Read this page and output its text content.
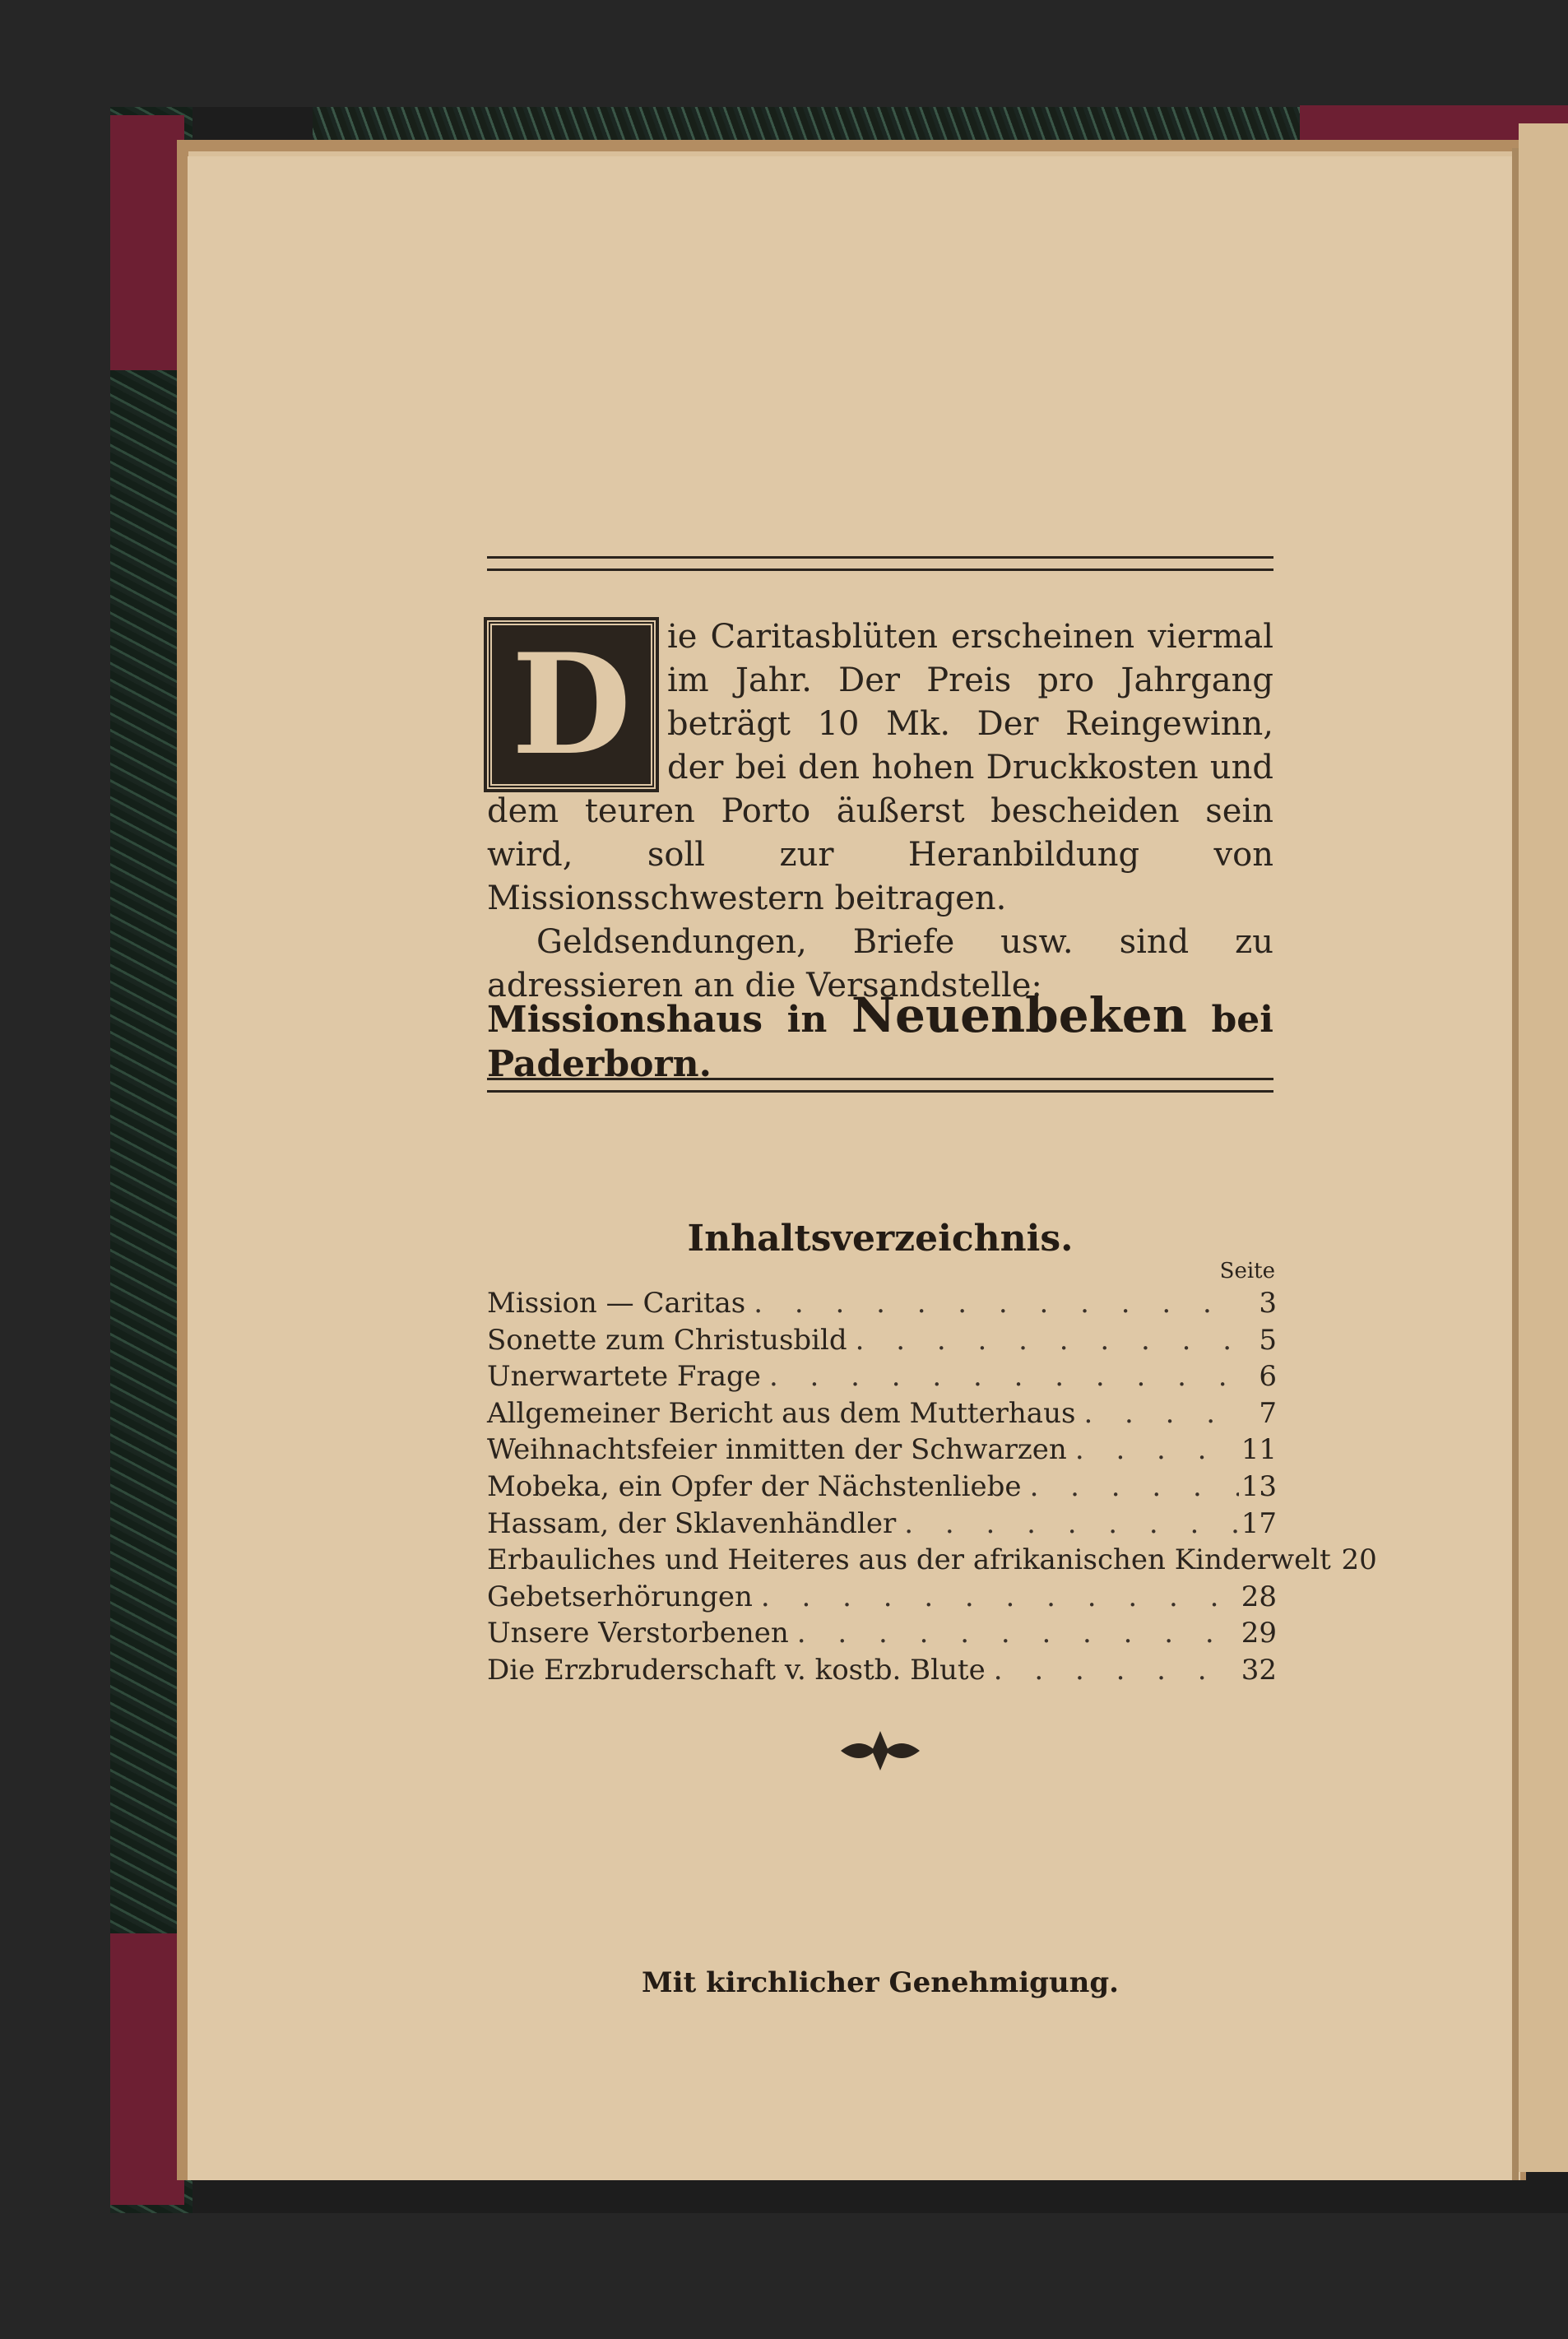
D	ie Caritasblüten erscheinen viermal im Jahr. Der Preis pro Jahrgang beträgt 10 Mk. Der Reingewinn, der bei den hohen Druckkosten und dem teuren Porto äußerst bescheiden sein wird, soll zur Heranbildung von Missionsschwestern beitragen.
Geldsendungen, Briefe usw. sind zu adressieren an die Versandstelle:
Missionshaus in Neuenbeken bei Paderborn.
Inhaltsverzeichnis.
Seite
Mission — Caritas . . .	3
Sonette zum Christusbild . . .	5
Unerwartete Frage . . .	6
Allgemeiner Bericht aus dem Mutterhaus . . .	7
Weihnachtsfeier inmitten der Schwarzen . . .	11
Mobeka, ein Opfer der Nächstenliebe . . .	13
Hassam, der Sklavenhändler . . .	17
Erbauliches und Heiteres aus der afrikanischen Kinderwelt . . . 20
Gebetserhörungen . . .	28
Unsere Verstorbenen . . .	29
Die Erzbruderschaft v. kostb. Blute . . .	32
Mit kirchlicher Genehmigung.
